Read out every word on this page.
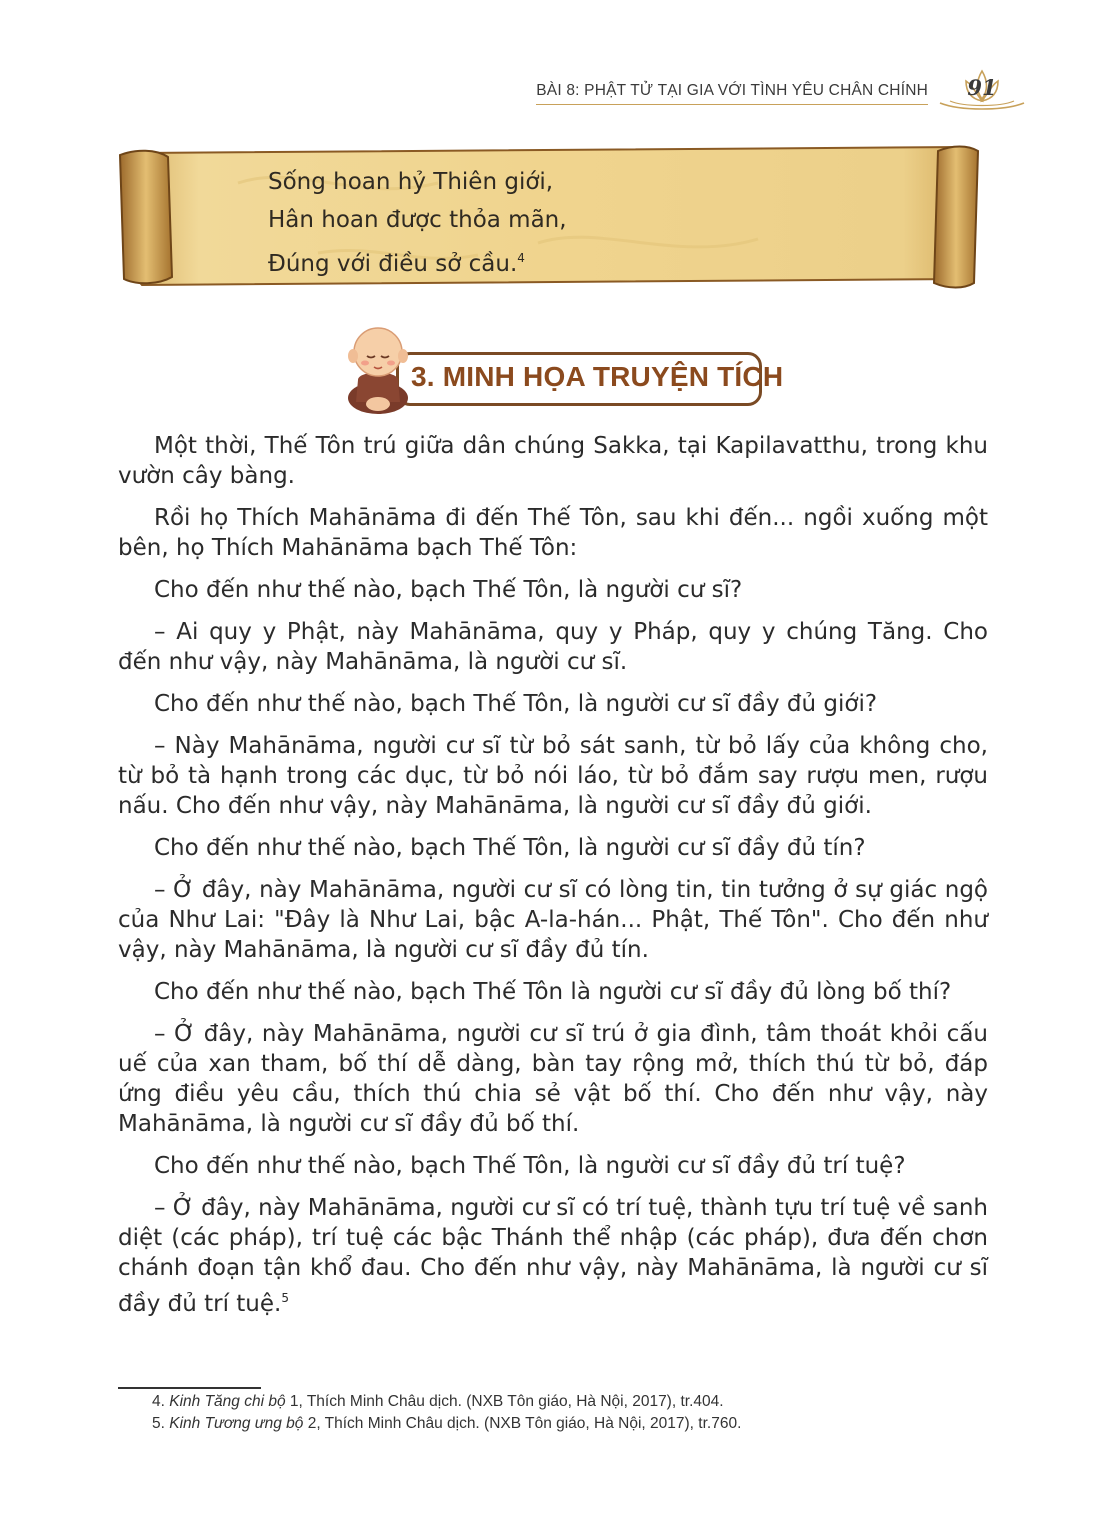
BÀI 8: PHẬT TỬ TẠI GIA VỚI TÌNH YÊU CHÂN CHÍNH	91
Sống hoan hỷ Thiên giới,
Hân hoan được thỏa mãn,
Đúng với điều sở cầu.$^4$
3. MINH HỌA TRUYỆN TÍCH

Một thời, Thế Tôn trú giữa dân chúng Sakka, tại Kapilavatthu, trong khu vườn cây bàng.

Rồi họ Thích Mahānāma đi đến Thế Tôn, sau khi đến... ngồi xuống một bên, họ Thích Mahānāma bạch Thế Tôn:

Cho đến như thế nào, bạch Thế Tôn, là người cư sĩ?

– Ai quy y Phật, này Mahānāma, quy y Pháp, quy y chúng Tăng. Cho đến như vậy, này Mahānāma, là người cư sĩ.

Cho đến như thế nào, bạch Thế Tôn, là người cư sĩ đầy đủ giới?

– Này Mahānāma, người cư sĩ từ bỏ sát sanh, từ bỏ lấy của không cho, từ bỏ tà hạnh trong các dục, từ bỏ nói láo, từ bỏ đắm say rượu men, rượu nấu. Cho đến như vậy, này Mahānāma, là người cư sĩ đầy đủ giới.

Cho đến như thế nào, bạch Thế Tôn, là người cư sĩ đầy đủ tín?

– Ở đây, này Mahānāma, người cư sĩ có lòng tin, tin tưởng ở sự giác ngộ của Như Lai: "Đây là Như Lai, bậc A-la-hán... Phật, Thế Tôn". Cho đến như vậy, này Mahānāma, là người cư sĩ đầy đủ tín.

Cho đến như thế nào, bạch Thế Tôn là người cư sĩ đầy đủ lòng bố thí?

– Ở đây, này Mahānāma, người cư sĩ trú ở gia đình, tâm thoát khỏi cấu uế của xan tham, bố thí dễ dàng, bàn tay rộng mở, thích thú từ bỏ, đáp ứng điều yêu cầu, thích thú chia sẻ vật bố thí. Cho đến như vậy, này Mahānāma, là người cư sĩ đầy đủ bố thí.

Cho đến như thế nào, bạch Thế Tôn, là người cư sĩ đầy đủ trí tuệ?

– Ở đây, này Mahānāma, người cư sĩ có trí tuệ, thành tựu trí tuệ về sanh diệt (các pháp), trí tuệ các bậc Thánh thể nhập (các pháp), đưa đến chơn chánh đoạn tận khổ đau. Cho đến như vậy, này Mahānāma, là người cư sĩ đầy đủ trí tuệ.$^5$

4. Kinh Tăng chi bộ 1, Thích Minh Châu dịch. (NXB Tôn giáo, Hà Nội, 2017), tr.404.
5. Kinh Tương ưng bộ 2, Thích Minh Châu dịch. (NXB Tôn giáo, Hà Nội, 2017), tr.760.
